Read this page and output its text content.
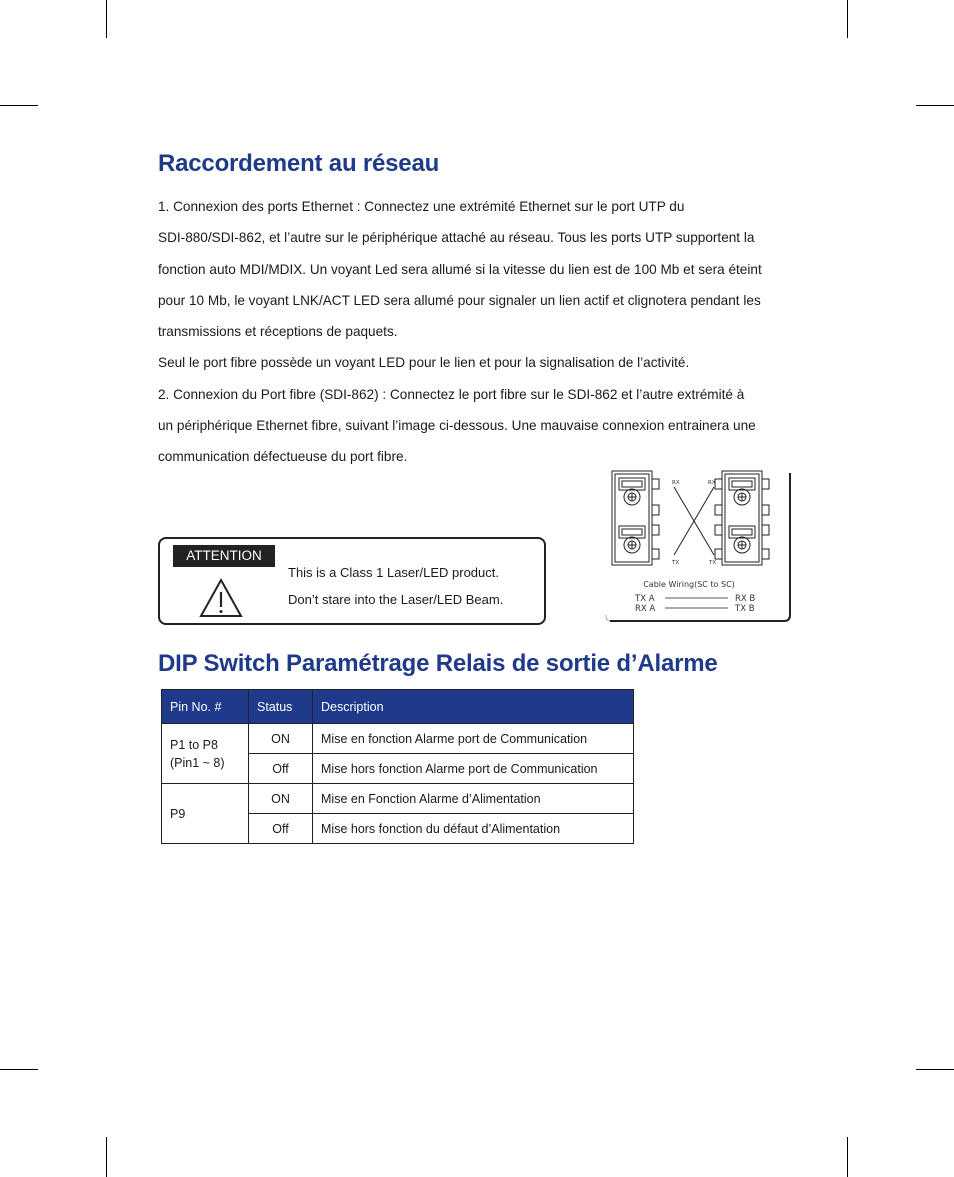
Raccordement au réseau

1. Connexion des ports Ethernet : Connectez une extrémité Ethernet sur le port UTP du

SDI-880/SDI-862, et l’autre sur le périphérique attaché au réseau. Tous les ports UTP supportent la

fonction auto MDI/MDIX. Un voyant Led sera allumé si la vitesse du lien est de 100 Mb et sera éteint

pour 10 Mb, le voyant LNK/ACT LED sera allumé pour signaler un lien actif et clignotera pendant les

transmissions et réceptions de paquets.

Seul le port fibre possède un voyant LED pour le lien et pour la signalisation de l’activité.

2. Connexion du Port fibre (SDI-862) : Connectez le port fibre sur le SDI-862 et l’autre extrémité à

un périphérique Ethernet fibre, suivant l’image ci-dessous. Une mauvaise connexion entrainera une

communication défectueuse du port fibre.

ATTENTION
This is a Class 1 Laser/LED product.
Don’t stare into the Laser/LED Beam.
RX	RX
TX	TX
Cable Wiring(SC to SC)
TX A	RX B
RX A	TX B
DIP Switch Paramétrage Relais de sortie d’Alarme
Pin No. #	Status	Description
P1 to P8
(Pin1 ~ 8)	ON	Mise en fonction Alarme port de Communication
	Off	Mise hors fonction Alarme port de Communication
P9	ON	Mise en Fonction Alarme d’Alimentation
	Off	Mise hors fonction du défaut d’Alimentation
